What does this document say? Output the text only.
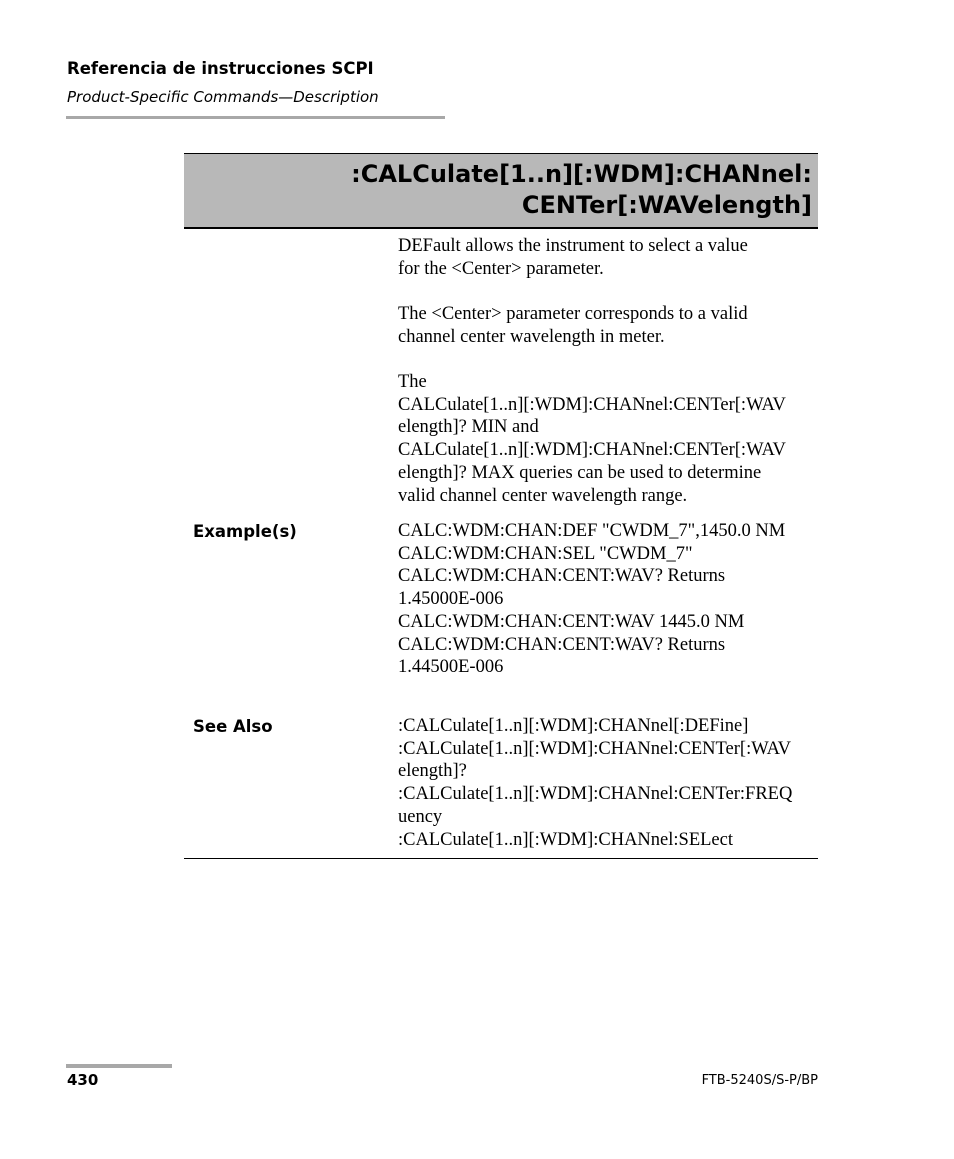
Referencia de instrucciones SCPI
Product-Specific Commands—Description
:CALCulate[1..n][:WDM]:CHANnel:
CENTer[:WAVelength]
DEFault allows the instrument to select a value
for the <Center> parameter.
The <Center> parameter corresponds to a valid
channel center wavelength in meter.
The
CALCulate[1..n][:WDM]:CHANnel:CENTer[:WAV
elength]? MIN and
CALCulate[1..n][:WDM]:CHANnel:CENTer[:WAV
elength]? MAX queries can be used to determine
valid channel center wavelength range.
Example(s)	CALC:WDM:CHAN:DEF "CWDM_7",1450.0 NM
CALC:WDM:CHAN:SEL "CWDM_7"
CALC:WDM:CHAN:CENT:WAV? Returns
1.45000E-006
CALC:WDM:CHAN:CENT:WAV 1445.0 NM
CALC:WDM:CHAN:CENT:WAV? Returns
1.44500E-006
See Also	:CALCulate[1..n][:WDM]:CHANnel[:DEFine]
:CALCulate[1..n][:WDM]:CHANnel:CENTer[:WAV
elength]?
:CALCulate[1..n][:WDM]:CHANnel:CENTer:FREQ
uency
:CALCulate[1..n][:WDM]:CHANnel:SELect
430	FTB-5240S/S-P/BP
